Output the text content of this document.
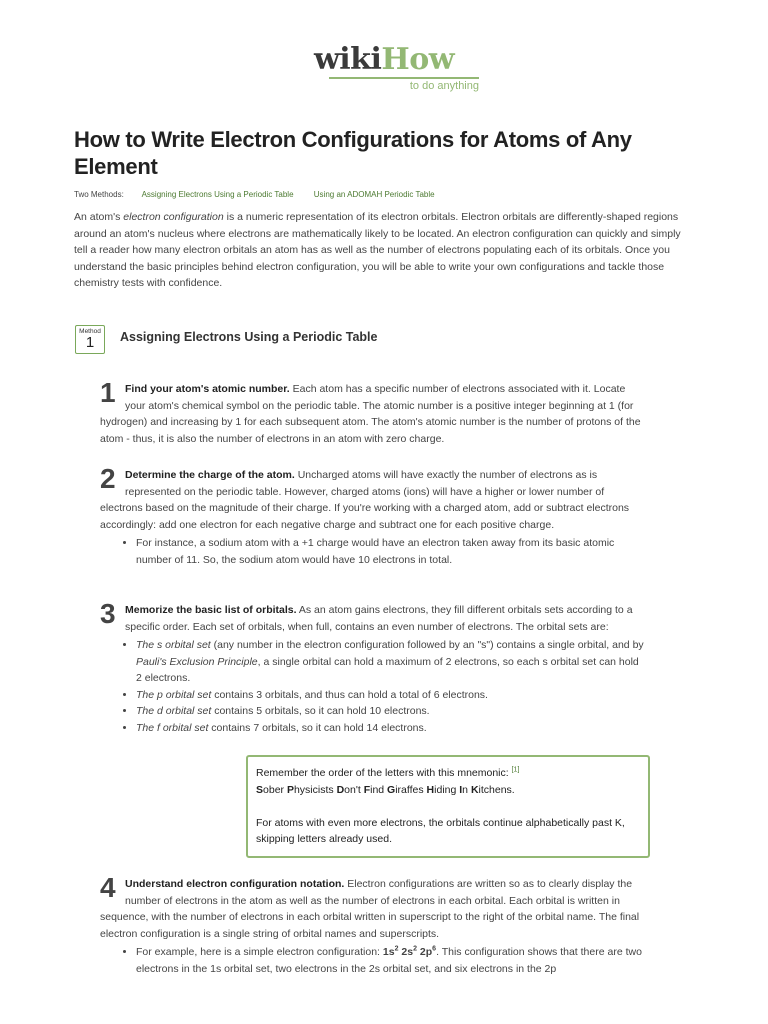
wikiHow
to do anything
How to Write Electron Configurations for Atoms of Any Element
Two Methods: Assigning Electrons Using a Periodic Table	Using an ADOMAH Periodic Table

An atom's electron configuration is a numeric representation of its electron orbitals. Electron orbitals are differently-shaped regions around an atom's nucleus where electrons are mathematically likely to be located. An electron configuration can quickly and simply tell a reader how many electron orbitals an atom has as well as the number of electrons populating each of its orbitals. Once you understand the basic principles behind electron configuration, you will be able to write your own configurations and tackle those chemistry tests with confidence.

Method
1	Assigning Electrons Using a Periodic Table
1 Find your atom's atomic number. Each atom has a specific number of electrons associated with it. Locate your atom's chemical symbol on the periodic table. The atomic number is a positive integer beginning at 1 (for hydrogen) and increasing by 1 for each subsequent atom. The atom's atomic number is the number of protons of the atom - thus, it is also the number of electrons in an atom with zero charge.

2 Determine the charge of the atom. Uncharged atoms will have exactly the number of electrons as is represented on the periodic table. However, charged atoms (ions) will have a higher or lower number of electrons based on the magnitude of their charge. If you're working with a charged atom, add or subtract electrons accordingly: add one electron for each negative charge and subtract one for each positive charge.

• For instance, a sodium atom with a +1 charge would have an electron taken away from its basic atomic number of 11. So, the sodium atom would have 10 electrons in total.
3 Memorize the basic list of orbitals. As an atom gains electrons, they fill different orbitals sets according to a specific order. Each set of orbitals, when full, contains an even number of electrons. The orbital sets are:

• The s orbital set (any number in the electron configuration followed by an "s") contains a single orbital, and by Pauli's Exclusion Principle, a single orbital can hold a maximum of 2 electrons, so each s orbital set can hold 2 electrons.
• The p orbital set contains 3 orbitals, and thus can hold a total of 6 electrons.
• The d orbital set contains 5 orbitals, so it can hold 10 electrons.
• The f orbital set contains 7 orbitals, so it can hold 14 electrons.

Remember the order of the letters with this mnemonic: [1]

Sober Physicists Don't Find Giraffes Hiding In Kitchens.

For atoms with even more electrons, the orbitals continue alphabetically past K, skipping letters already used.

4 Understand electron configuration notation. Electron configurations are written so as to clearly display the number of electrons in the atom as well as the number of electrons in each orbital. Each orbital is written in sequence, with the number of electrons in each orbital written in superscript to the right of the orbital name. The final electron configuration is a single string of orbital names and superscripts.

• For example, here is a simple electron configuration: $1s^2$ $2s^2$ $2p^6$. This configuration shows that there are two electrons in the 1s orbital set, two electrons in the 2s orbital set, and six electrons in the 2p
